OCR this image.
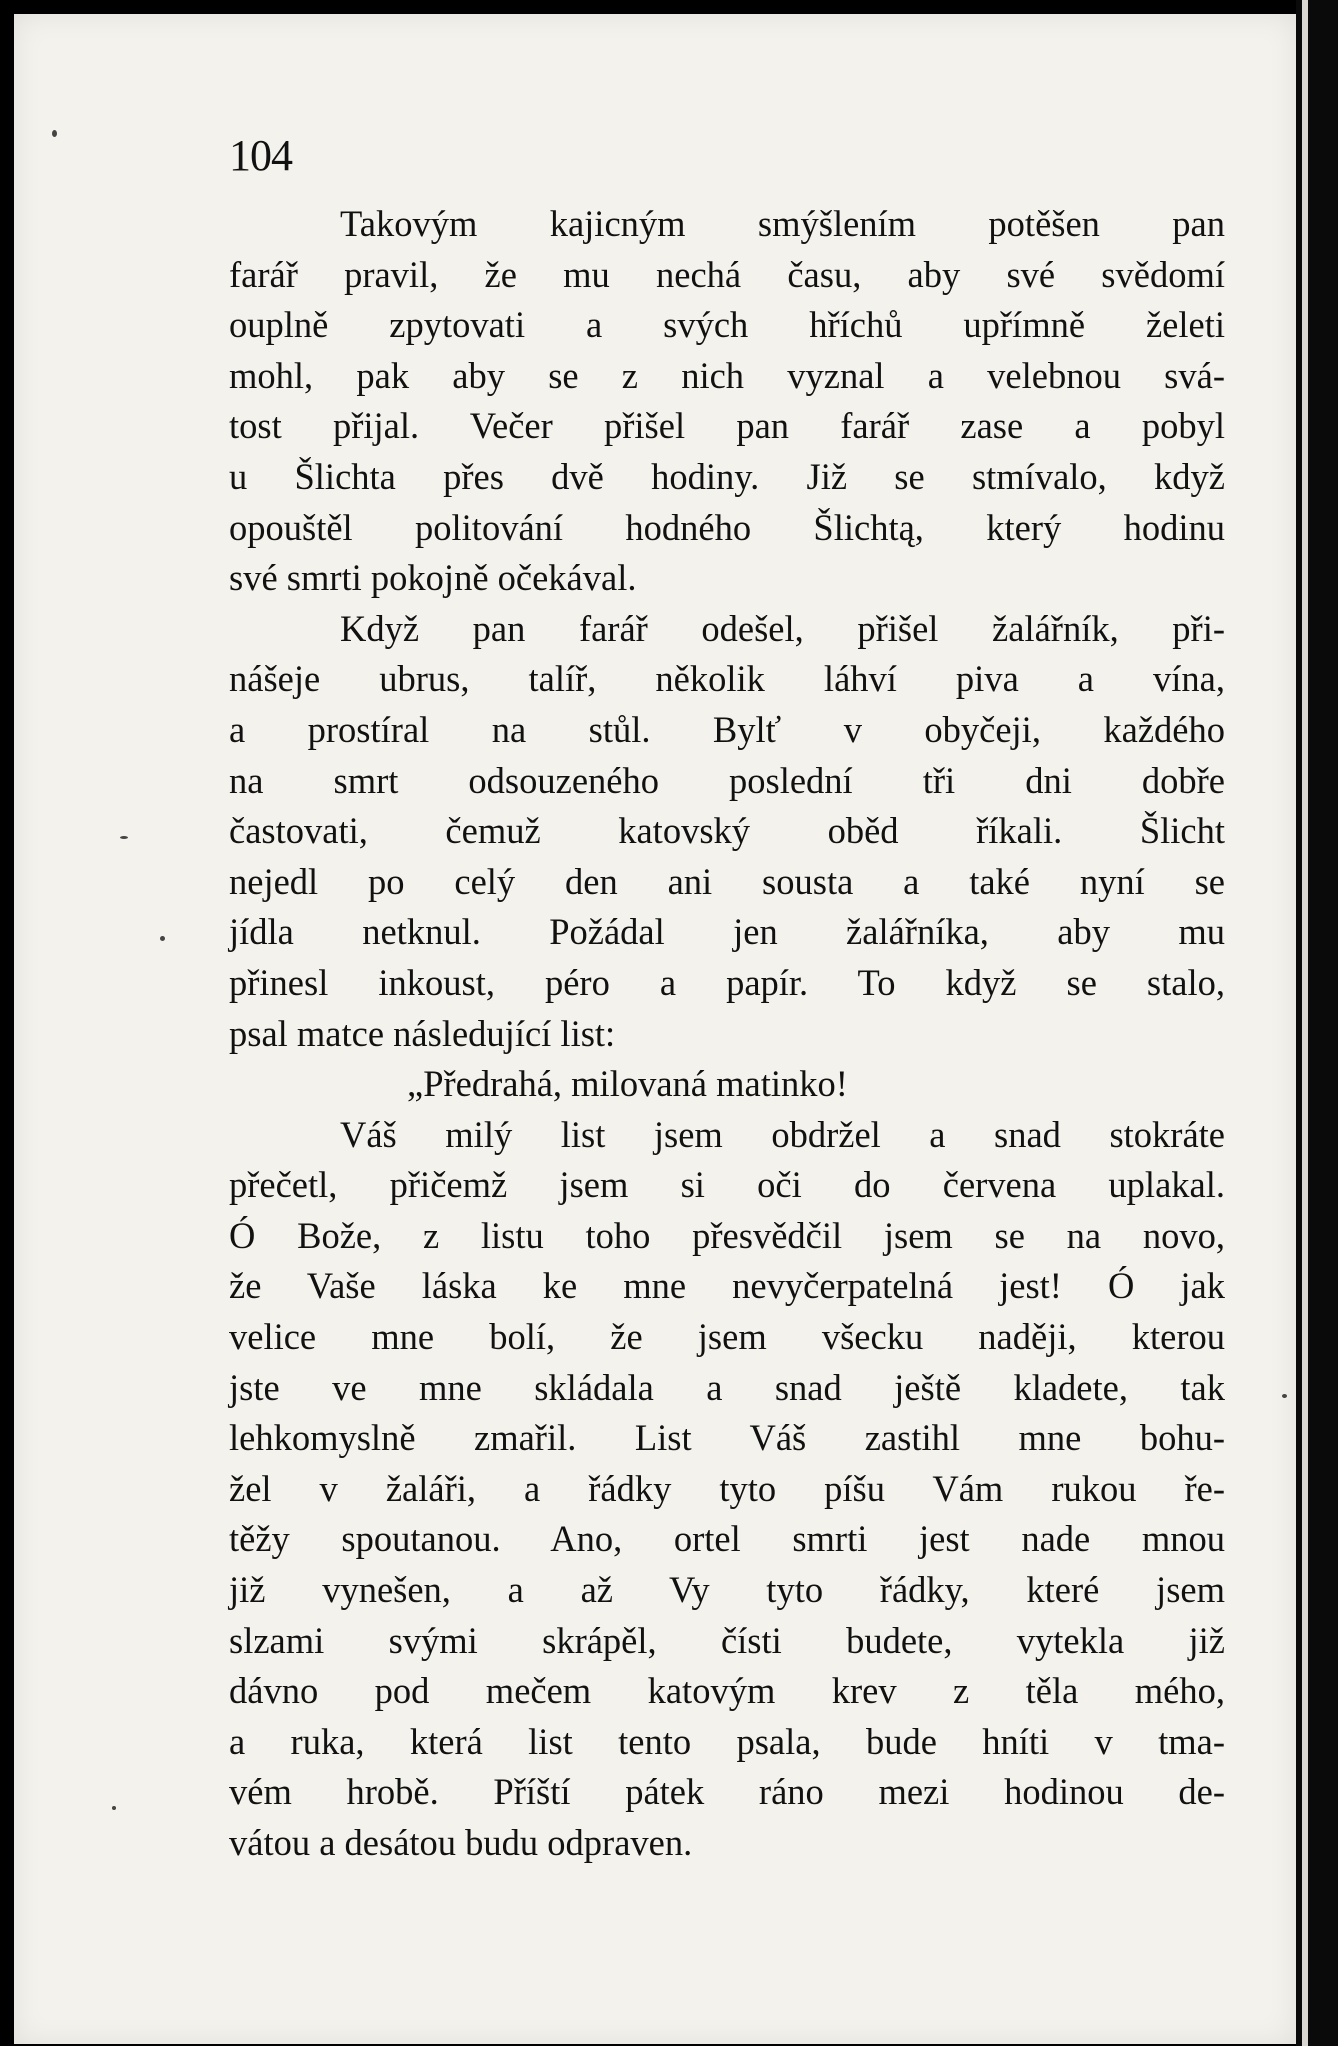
104
Takovým kajicným smýšlením potěšen pan
farář pravil, že mu nechá času, aby své svědomí
ouplně zpytovati a svých hříchů upřímně želeti
mohl, pak aby se z nich vyznal a velebnou svá-
tost přijal. Večer přišel pan farář zase a pobyl
u Šlichta přes dvě hodiny. Již se stmívalo, když
opouštěl politování hodného Šlichtą, který hodinu
své smrti pokojně očekával.
Když pan farář odešel, přišel žalářník, při-
nášeje ubrus, talíř, několik láhví piva a vína,
a prostíral na stůl. Bylť v obyčeji, každého
na smrt odsouzeného poslední tři dni dobře
častovati, čemuž katovský oběd říkali. Šlicht
nejedl po celý den ani sousta a také nyní se
jídla netknul. Požádal jen žalářníka, aby mu
přinesl inkoust, péro a papír. To když se stalo,
psal matce následující list:
„Předrahá, milovaná matinko!
Váš milý list jsem obdržel a snad stokráte
přečetl, přičemž jsem si oči do červena uplakal.
Ó Bože, z listu toho přesvědčil jsem se na novo,
že Vaše láska ke mne nevyčerpatelná jest! Ó jak
velice mne bolí, že jsem všecku naději, kterou
jste ve mne skládala a snad ještě kladete, tak
lehkomyslně zmařil. List Váš zastihl mne bohu-
žel v žaláři, a řádky tyto píšu Vám rukou ře-
těžy spoutanou. Ano, ortel smrti jest nade mnou
již vynešen, a až Vy tyto řádky, které jsem
slzami svými skrápěl, čísti budete, vytekla již
dávno pod mečem katovým krev z těla mého,
a ruka, která list tento psala, bude hníti v tma-
vém hrobě. Příští pátek ráno mezi hodinou de-
vátou a desátou budu odpraven.
